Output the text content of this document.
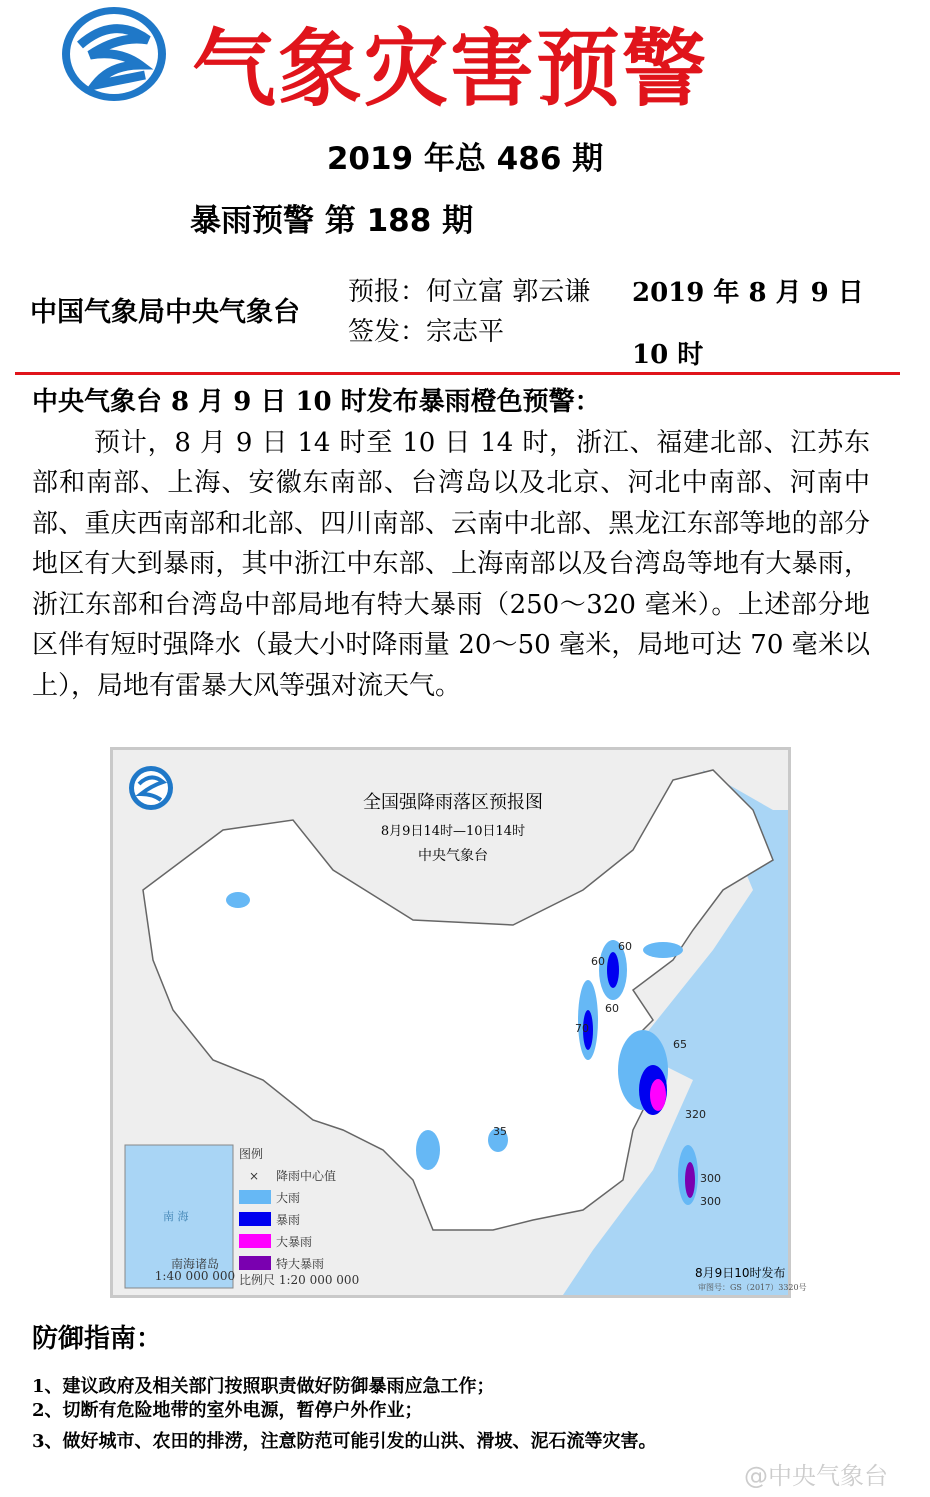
气象灾害预警
2019 年总 486 期
暴雨预警 第 188 期
中国气象局中央气象台
预报：何立富 郭云谦
签发：宗志平
2019 年 8 月 9 日 10 时

中央气象台 8 月 9 日 10 时发布暴雨橙色预警：

预计，8 月 9 日 14 时至 10 日 14 时，浙江、福建北部、江苏东部和南部、上海、安徽东南部、台湾岛以及北京、河北中南部、河南中部、重庆西南部和北部、四川南部、云南中北部、黑龙江东部等地的部分地区有大到暴雨，其中浙江中东部、上海南部以及台湾岛等地有大暴雨，浙江东部和台湾岛中部局地有特大暴雨（250～320 毫米）。上述部分地区伴有短时强降水（最大小时降雨量 20～50 毫米，局地可达 70 毫米以上），局地有雷暴大风等强对流天气。

60
60
60
70
65
320
300
300
35
全国强降雨落区预报图
8月9日14时—10日14时
中央气象台
南 海
南海诸岛
1:40 000 000
图例
× 降雨中心值
大雨
暴雨
大暴雨
特大暴雨
比例尺 1:20 000 000	8月9日10时发布
审图号：GS（2017）3320号
防御指南：
1、建议政府及相关部门按照职责做好防御暴雨应急工作；
2、切断有危险地带的室外电源，暂停户外作业；
3、做好城市、农田的排涝，注意防范可能引发的山洪、滑坡、泥石流等灾害。
@中央气象台
